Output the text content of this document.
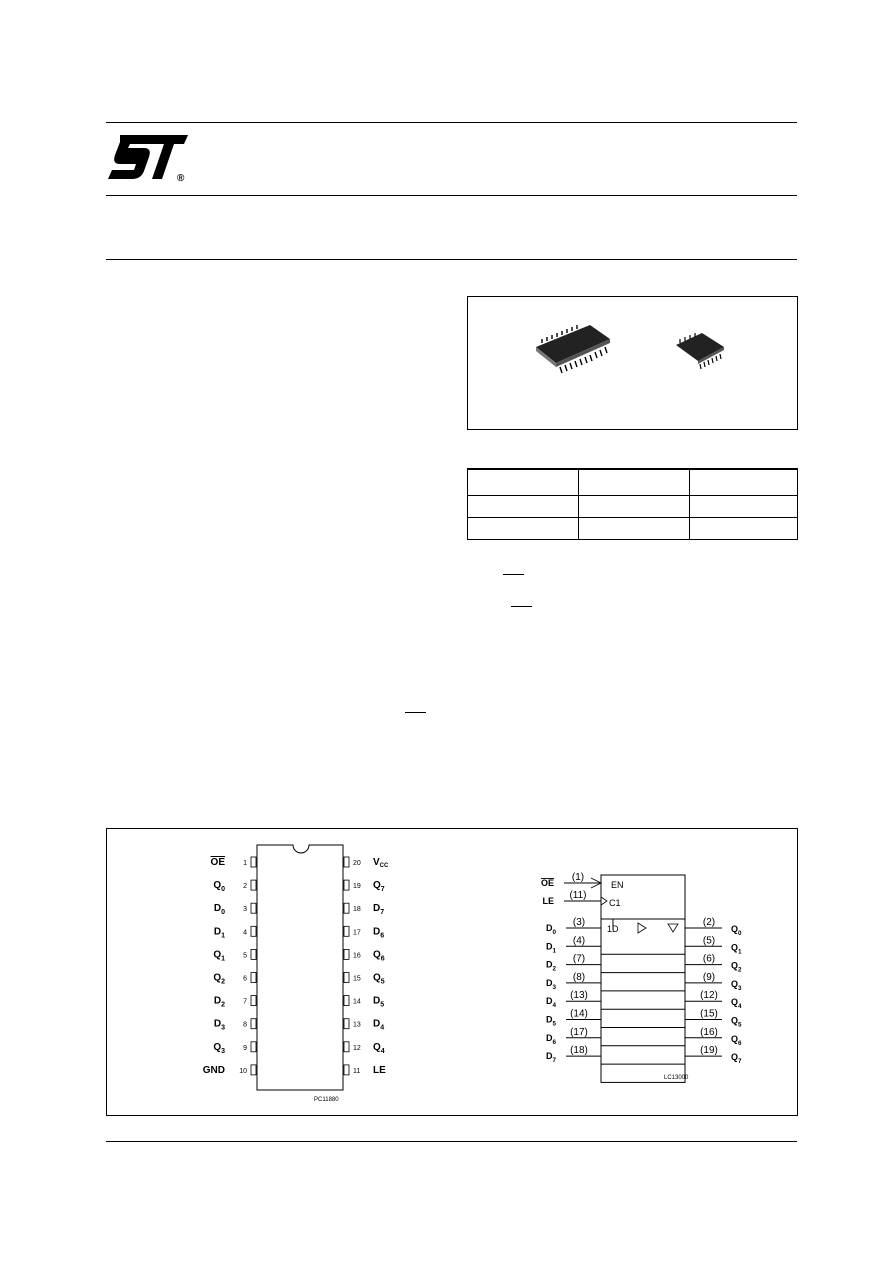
®

1
OE
2
$Q_0$
3
$D_0$
4
$D_1$
5
$Q_1$
6
$Q_2$
7
$D_2$
8
$D_3$
9
$Q_3$
10
GND
20 $V_{CC}$
19 $Q_7$
18 $D_7$
17 $D_6$
16 $Q_6$
15 $Q_5$
14 $D_5$
13 $D_4$
12 $Q_4$
11 LE
PC11880
EN
C1
OE (1)
LE (11)
1D
$D_0$
(3)
$D_1$
(4)
$D_2$
(7)
$D_3$
(8)
$D_4$
(13)
$D_5$
(14)
$D_6$
(17)
$D_7$
(18)
(2)
$Q_0$
(5)
$Q_1$
(6)
$Q_2$
(9)
$Q_3$
(12)
$Q_4$
(15)
$Q_5$
(16)
$Q_6$
(19)
$Q_7$
LC13000
